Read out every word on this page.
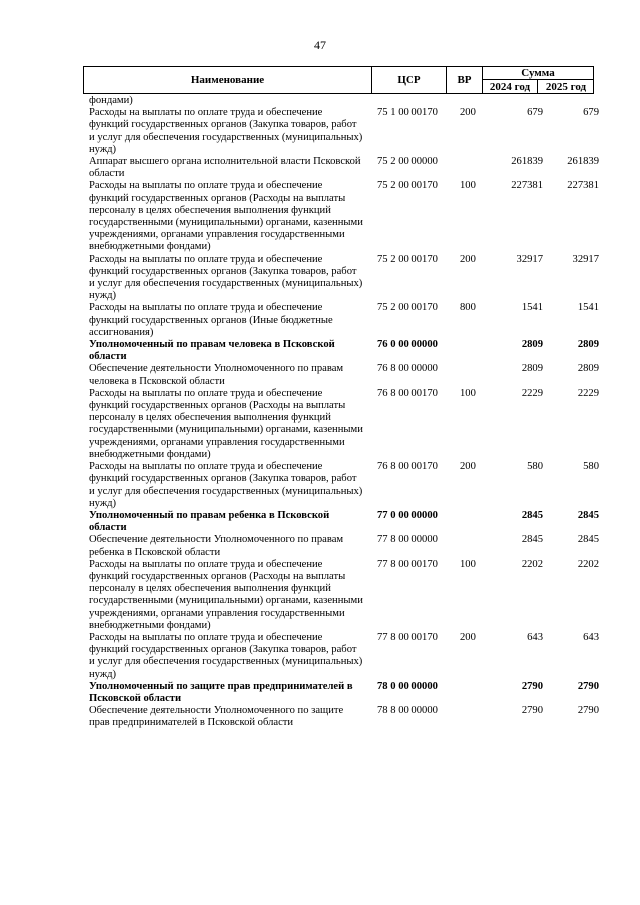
47
Наименование	ЦСР	ВР
Сумма
2024 год	2025 год
фондами)
Расходы на выплаты по оплате труда и обеспечение функций государственных органов (Закупка товаров, работ и услуг для обеспечения государственных (муниципальных) нужд)
75 1 00 00170 200	679	679
Аппарат высшего органа исполнительной власти Псковской области
75 2 00 00000	261839 261839
Расходы на выплаты по оплате труда и обеспечение функций государственных органов (Расходы на выплаты персоналу в целях обеспечения выполнения функций государственными (муниципальными) органами, казенными учреждениями, органами управления государственными внебюджетными фондами)
75 2 00 00170 100	227381 227381
Расходы на выплаты по оплате труда и обеспечение функций государственных органов (Закупка товаров, работ и услуг для обеспечения государственных (муниципальных) нужд)
75 2 00 00170 200	32917	32917
Расходы на выплаты по оплате труда и обеспечение функций государственных органов (Иные бюджетные ассигнования)
75 2 00 00170 800	1541	1541
Уполномоченный по правам человека в Псковской области
76 0 00 00000	2809	2809
Обеспечение деятельности Уполномоченного по правам человека в Псковской области
76 8 00 00000	2809	2809
Расходы на выплаты по оплате труда и обеспечение функций государственных органов (Расходы на выплаты персоналу в целях обеспечения выполнения функций государственными (муниципальными) органами, казенными учреждениями, органами управления государственными внебюджетными фондами)
76 8 00 00170 100	2229	2229
Расходы на выплаты по оплате труда и обеспечение функций государственных органов (Закупка товаров, работ и услуг для обеспечения государственных (муниципальных) нужд)
76 8 00 00170 200	580	580
Уполномоченный по правам ребенка в Псковской области
77 0 00 00000	2845	2845
Обеспечение деятельности Уполномоченного по правам ребенка в Псковской области
77 8 00 00000	2845	2845
Расходы на выплаты по оплате труда и обеспечение функций государственных органов (Расходы на выплаты персоналу в целях обеспечения выполнения функций государственными (муниципальными) органами, казенными учреждениями, органами управления государственными внебюджетными фондами)
77 8 00 00170 100	2202	2202
Расходы на выплаты по оплате труда и обеспечение функций государственных органов (Закупка товаров, работ и услуг для обеспечения государственных (муниципальных) нужд)
77 8 00 00170 200	643	643
Уполномоченный по защите прав предпринимателей в Псковской области
78 0 00 00000	2790	2790
Обеспечение деятельности Уполномоченного по защите прав предпринимателей в Псковской области
78 8 00 00000	2790	2790
